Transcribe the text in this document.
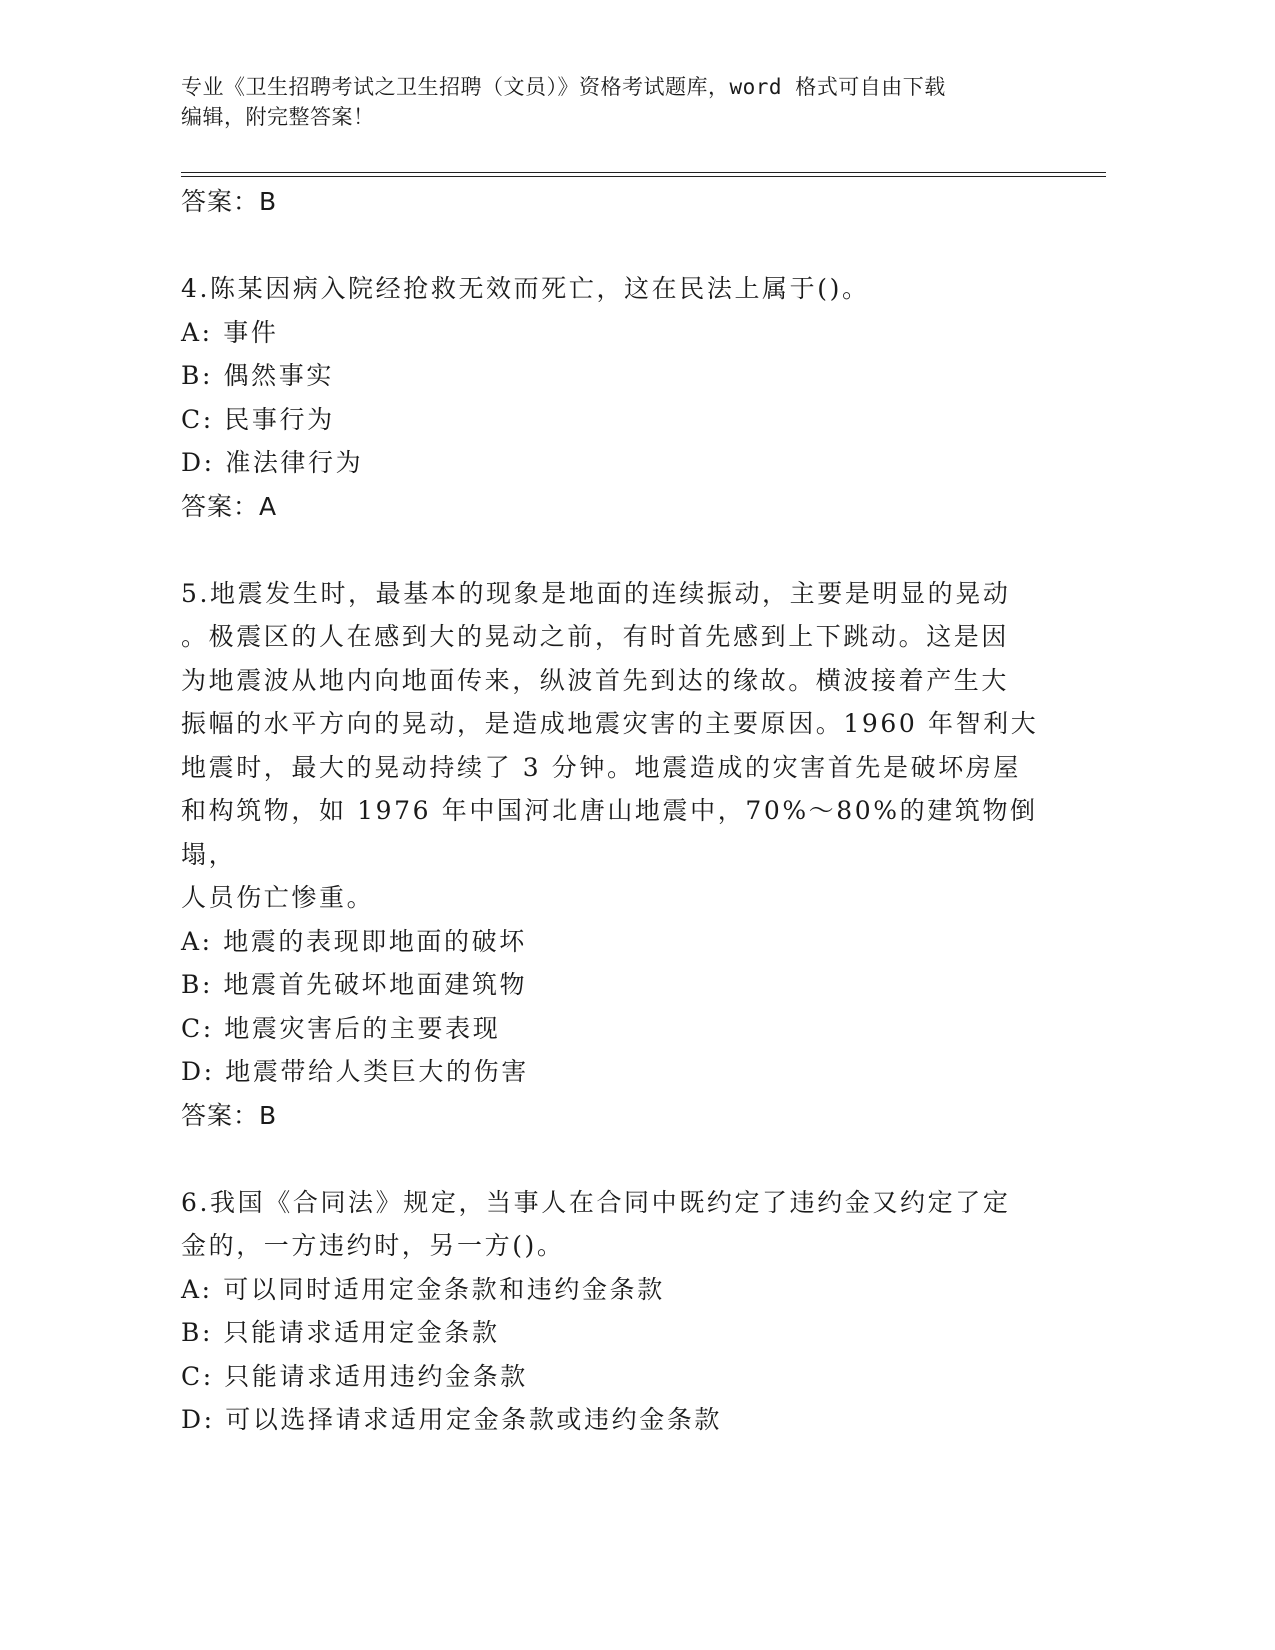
专业《卫生招聘考试之卫生招聘（文员）》资格考试题库，word 格式可自由下载
编辑，附完整答案！
答案：B
4.陈某因病入院经抢救无效而死亡，这在民法上属于()。
A: 事件
B: 偶然事实
C: 民事行为
D: 准法律行为
答案：A
5.地震发生时，最基本的现象是地面的连续振动，主要是明显的晃动
。极震区的人在感到大的晃动之前，有时首先感到上下跳动。这是因
为地震波从地内向地面传来，纵波首先到达的缘故。横波接着产生大
振幅的水平方向的晃动，是造成地震灾害的主要原因。1960 年智利大
地震时，最大的晃动持续了 3 分钟。地震造成的灾害首先是破坏房屋
和构筑物，如 1976 年中国河北唐山地震中，70%～80%的建筑物倒塌，
人员伤亡惨重。
A: 地震的表现即地面的破坏
B: 地震首先破坏地面建筑物
C: 地震灾害后的主要表现
D: 地震带给人类巨大的伤害
答案：B
6.我国《合同法》规定，当事人在合同中既约定了违约金又约定了定
金的，一方违约时，另一方()。
A: 可以同时适用定金条款和违约金条款
B: 只能请求适用定金条款
C: 只能请求适用违约金条款
D: 可以选择请求适用定金条款或违约金条款
